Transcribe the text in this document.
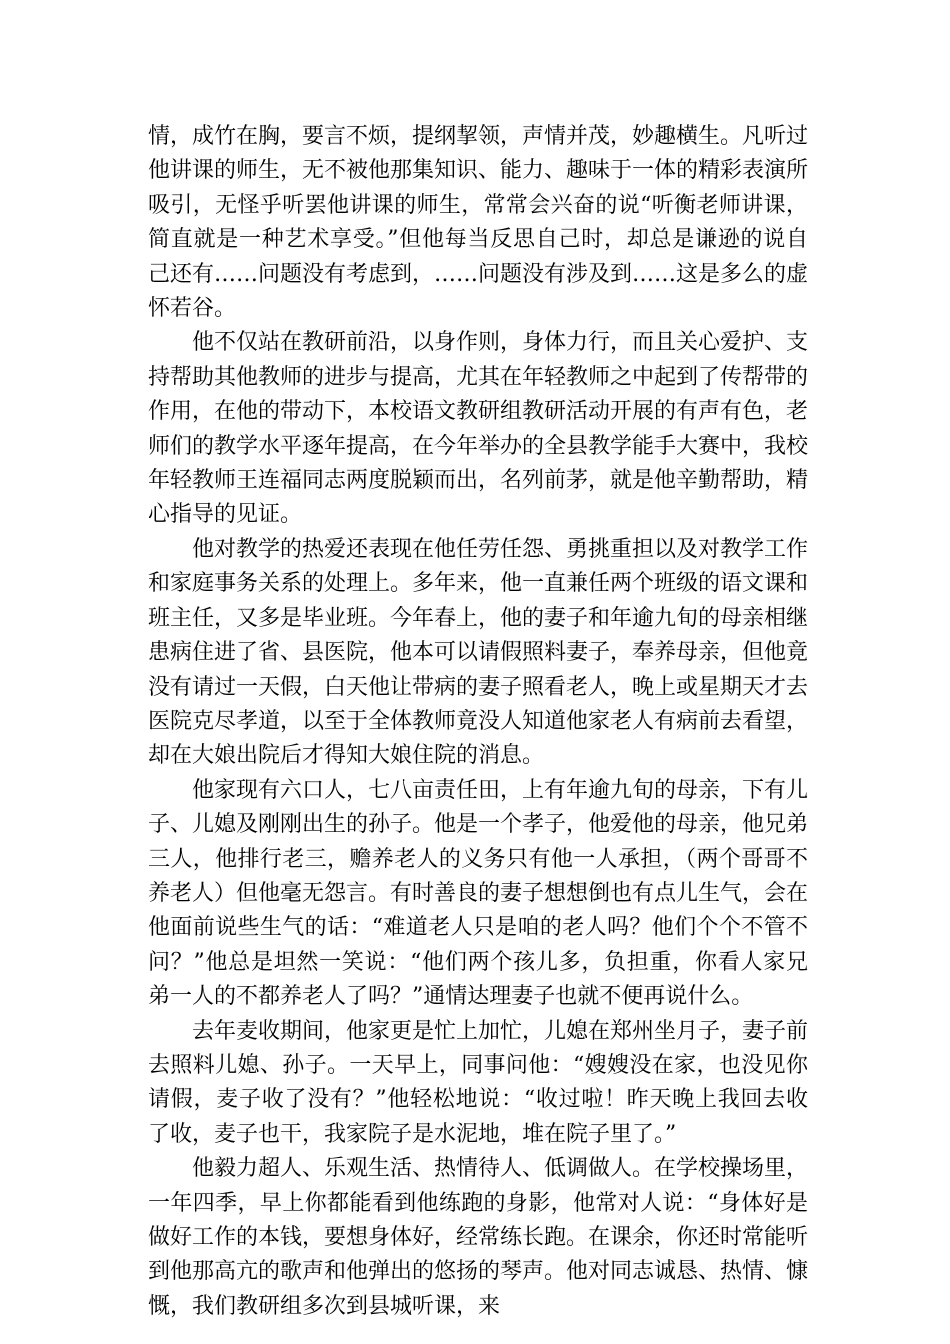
情，成竹在胸，要言不烦，提纲挈领，声情并茂，妙趣横生。凡听过他讲课的师生，无不被他那集知识、能力、趣味于一体的精彩表演所吸引，无怪乎听罢他讲课的师生，常常会兴奋的说“听衡老师讲课，简直就是一种艺术享受。”但他每当反思自己时，却总是谦逊的说自己还有……问题没有考虑到，……问题没有涉及到……这是多么的虚怀若谷。

他不仅站在教研前沿，以身作则，身体力行，而且关心爱护、支持帮助其他教师的进步与提高，尤其在年轻教师之中起到了传帮带的作用，在他的带动下，本校语文教研组教研活动开展的有声有色，老师们的教学水平逐年提高，在今年举办的全县教学能手大赛中，我校年轻教师王连福同志两度脱颖而出，名列前茅，就是他辛勤帮助，精心指导的见证。

他对教学的热爱还表现在他任劳任怨、勇挑重担以及对教学工作和家庭事务关系的处理上。多年来，他一直兼任两个班级的语文课和班主任，又多是毕业班。今年春上，他的妻子和年逾九旬的母亲相继患病住进了省、县医院，他本可以请假照料妻子，奉养母亲，但他竟没有请过一天假，白天他让带病的妻子照看老人，晚上或星期天才去医院克尽孝道，以至于全体教师竟没人知道他家老人有病前去看望，却在大娘出院后才得知大娘住院的消息。

他家现有六口人，七八亩责任田，上有年逾九旬的母亲，下有儿子、儿媳及刚刚出生的孙子。他是一个孝子，他爱他的母亲，他兄弟三人，他排行老三，赡养老人的义务只有他一人承担，（两个哥哥不养老人）但他毫无怨言。有时善良的妻子想想倒也有点儿生气，会在他面前说些生气的话：“难道老人只是咱的老人吗？他们个个不管不问？”他总是坦然一笑说：“他们两个孩儿多，负担重，你看人家兄弟一人的不都养老人了吗？”通情达理妻子也就不便再说什么。

去年麦收期间，他家更是忙上加忙，儿媳在郑州坐月子，妻子前去照料儿媳、孙子。一天早上，同事问他：“嫂嫂没在家，也没见你请假，麦子收了没有？”他轻松地说：“收过啦！昨天晚上我回去收了收，麦子也干，我家院子是水泥地，堆在院子里了。”

他毅力超人、乐观生活、热情待人、低调做人。在学校操场里，一年四季，早上你都能看到他练跑的身影，他常对人说：“身体好是做好工作的本钱，要想身体好，经常练长跑。在课余，你还时常能听到他那高亢的歌声和他弹出的悠扬的琴声。他对同志诚恳、热情、慷慨，我们教研组多次到县城听课，来
